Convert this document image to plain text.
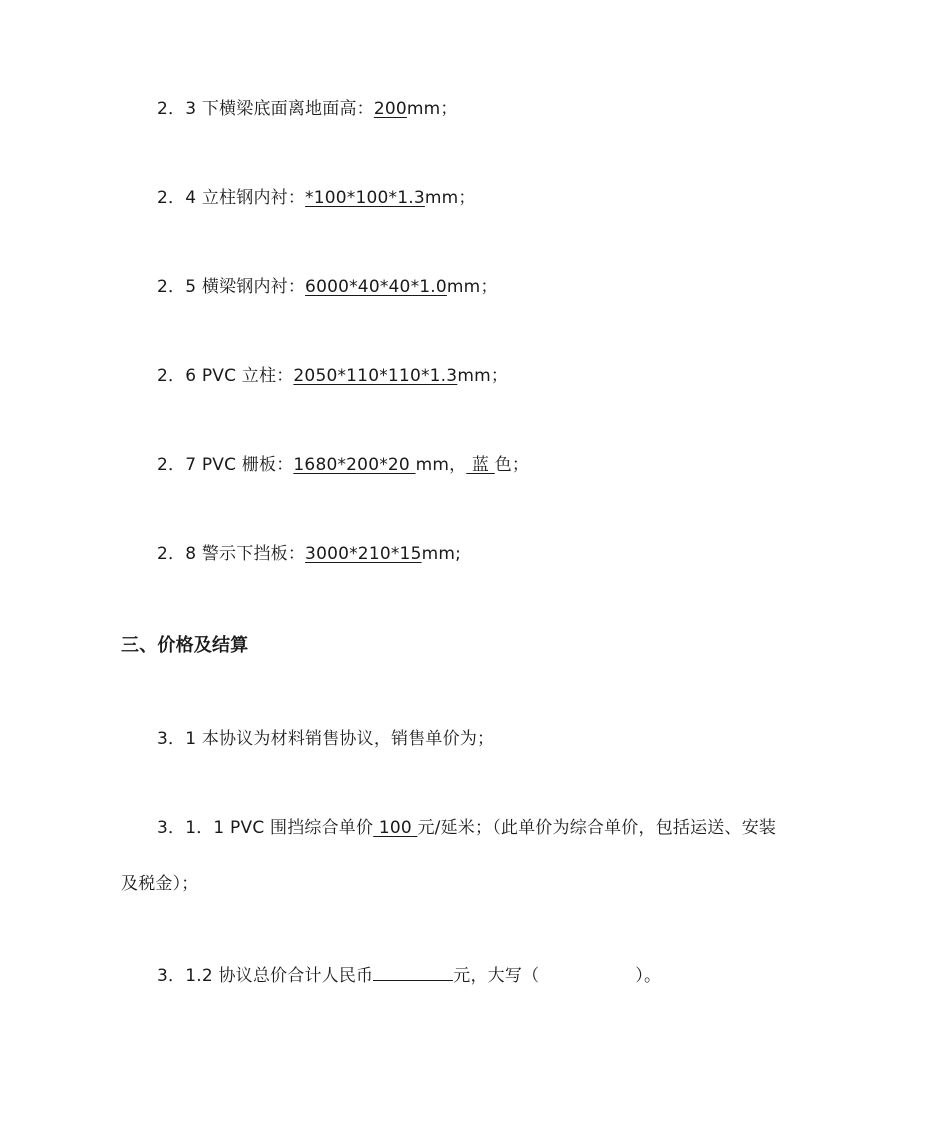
2．3 下横梁底面离地面高：200mm；
2．4 立柱钢内衬：*100*100*1.3mm；
2．5 横梁钢内衬：6000*40*40*1.0mm；
2．6 PVC 立柱：2050*110*110*1.3mm；
2．7 PVC 栅板：1680*200*20 mm， 蓝 色；
2．8 警示下挡板：3000*210*15mm;
三、价格及结算
3．1 本协议为材料销售协议，销售单价为；
3．1．1 PVC 围挡综合单价 100 元/延米；（此单价为综合单价，包括运送、安装
及税金）；
3．1.2 协议总价合计人民币	元，大写（	）。
